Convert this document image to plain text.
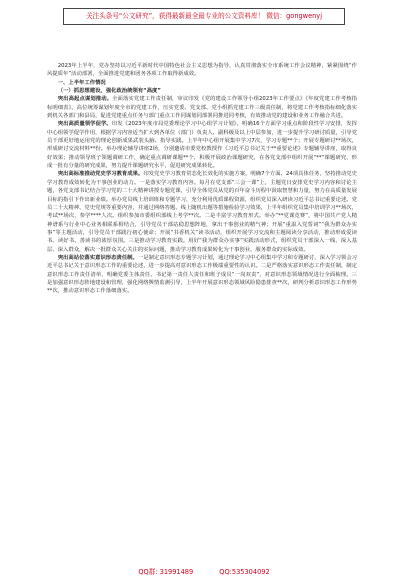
关注头条号“公文研究”，获得最新最全最专业的公文资料库！ 微信：gongwenyj

2023年上半年，党办坚持以习近平新时代中国特色社会主义思想为指导，认真贯彻落实全市系统工作会议精神，紧紧围绕“作风提质年”活动部署，全面推进党建和团务各项工作取得新成效。

一、上半年工作情况

（一）抓思想建设，强化政治统领有“高度”

突出高起点谋划推动。全面落实党建工作责任制，审议印发《党的建设工作领导小组2023年工作要点》《年度党建工作考核指标明细表》，高位统筹谋划年度全市的党建工作，压实党委、党支部、党小组抓党建工作三级责任制，将党建工作考核指标细化落实到机关各部门和县局，促进党建重点任务与部门重点工作同谋划同部署同推进同考核，有效推动党的建设和业务工作融合共进。

突出高质量领学促学。印发《2023年度市局党委理论学习中心组学习计划》，明确16个方面学习重点和阶段性学习安排，发挥中心组领学促学作用，根据学习内容适当扩大到各单位（部门）负责人、副科级及以上中层参加，进一步提升学习研讨质量，引导党员干部更好地运用党的理论创新成果武装头脑、指导实践。上半年中心组开展集中学习7次，学习专题**个；开展专题研讨**场次，形成研讨交流材料**份。举办理论辅导讲座2场，分别邀请市委党校教授作《习近平总书记关于**重要论述》专题辅导讲座，取得良好效果；推动领导班子领题调研工作，确定重点调研课题**个，积极开展政治课题研究，在各党支部中组织开展“**”课题研究，形成一批有分量的研究成果，努力提升课题研究水平，促进研究成果转化。

突出高标准推动党史学习教育成果。印发党史学习教育常态化长效化的实施方案，明确7个方面、24项具体任务，坚持推动党史学习教育成效转化为干事创业的动力。一是落实学习教育内容。每月在党支部“三会一课”上，主题党日安排党史学习内容和讨论主题，各党支部书记结合学习党的二十大精神讲授专题党课，引导全体党员从党的百年奋斗历程中汲取智慧和力量，努力在高质量发展目标的指引下作出新业绩。举办党员线上培训班和专题学习，充分利用优质课程资源，组织党员深入研读习近平总书记重要论述。党员二十大精神、党史党规等重要内容，并通过网络答题、线上随机出题等措施检验学习效果，上半年组织党员集中培训学习**场次，考试**场次，参学****人次。组织参加市委组织部线上考学**次。二是丰富学习教育形式。举办“**党课竞赛”，将中国共产党人精神谱系与行业中心业务相联系相结合，引导党员干部站稳思想阵地，拿出干事创业的精气神；开展“重温入党誓词”“我为群众办实事”等主题活动，引导党员干部践行初心使命；开展“书香机关”读书活动，组织开展学习交流和主题阅读分享活动，推动形成爱读书、读好书、善读书的浓厚氛围。三是推动学习教育实践。用好“我为群众办实事”实践活动形式，组织党员干部深入一线、深入基层、深入群众，解决一批群众关心关注的实际问题，推动学习教育成果转化为干事创业、服务群众的实际成效。

突出高站位落实意识形态责任制。一是制定意识形态专题学习计划，通过理论学习中心组集中学习和专题研讨，深入学习领会习近平总书记关于意识形态工作的重要论述，进一步提高对意识形态工作极端重要性的认识。二是严格落实意识形态工作责任制，制定意识形态工作责任清单，明确党委主体责任、书记第一责任人责任和班子成员“一岗双责”，对意识形态领域情况进行全面梳理。三是加强意识形态阵地建设和管理，强化网络舆情监测引导，上半年开展意识形态领域风险隐患排查**次，研判分析意识形态工作形势**次，推动意识形态工作落细落实。

QQ群: 31991489	QQ:535304092
